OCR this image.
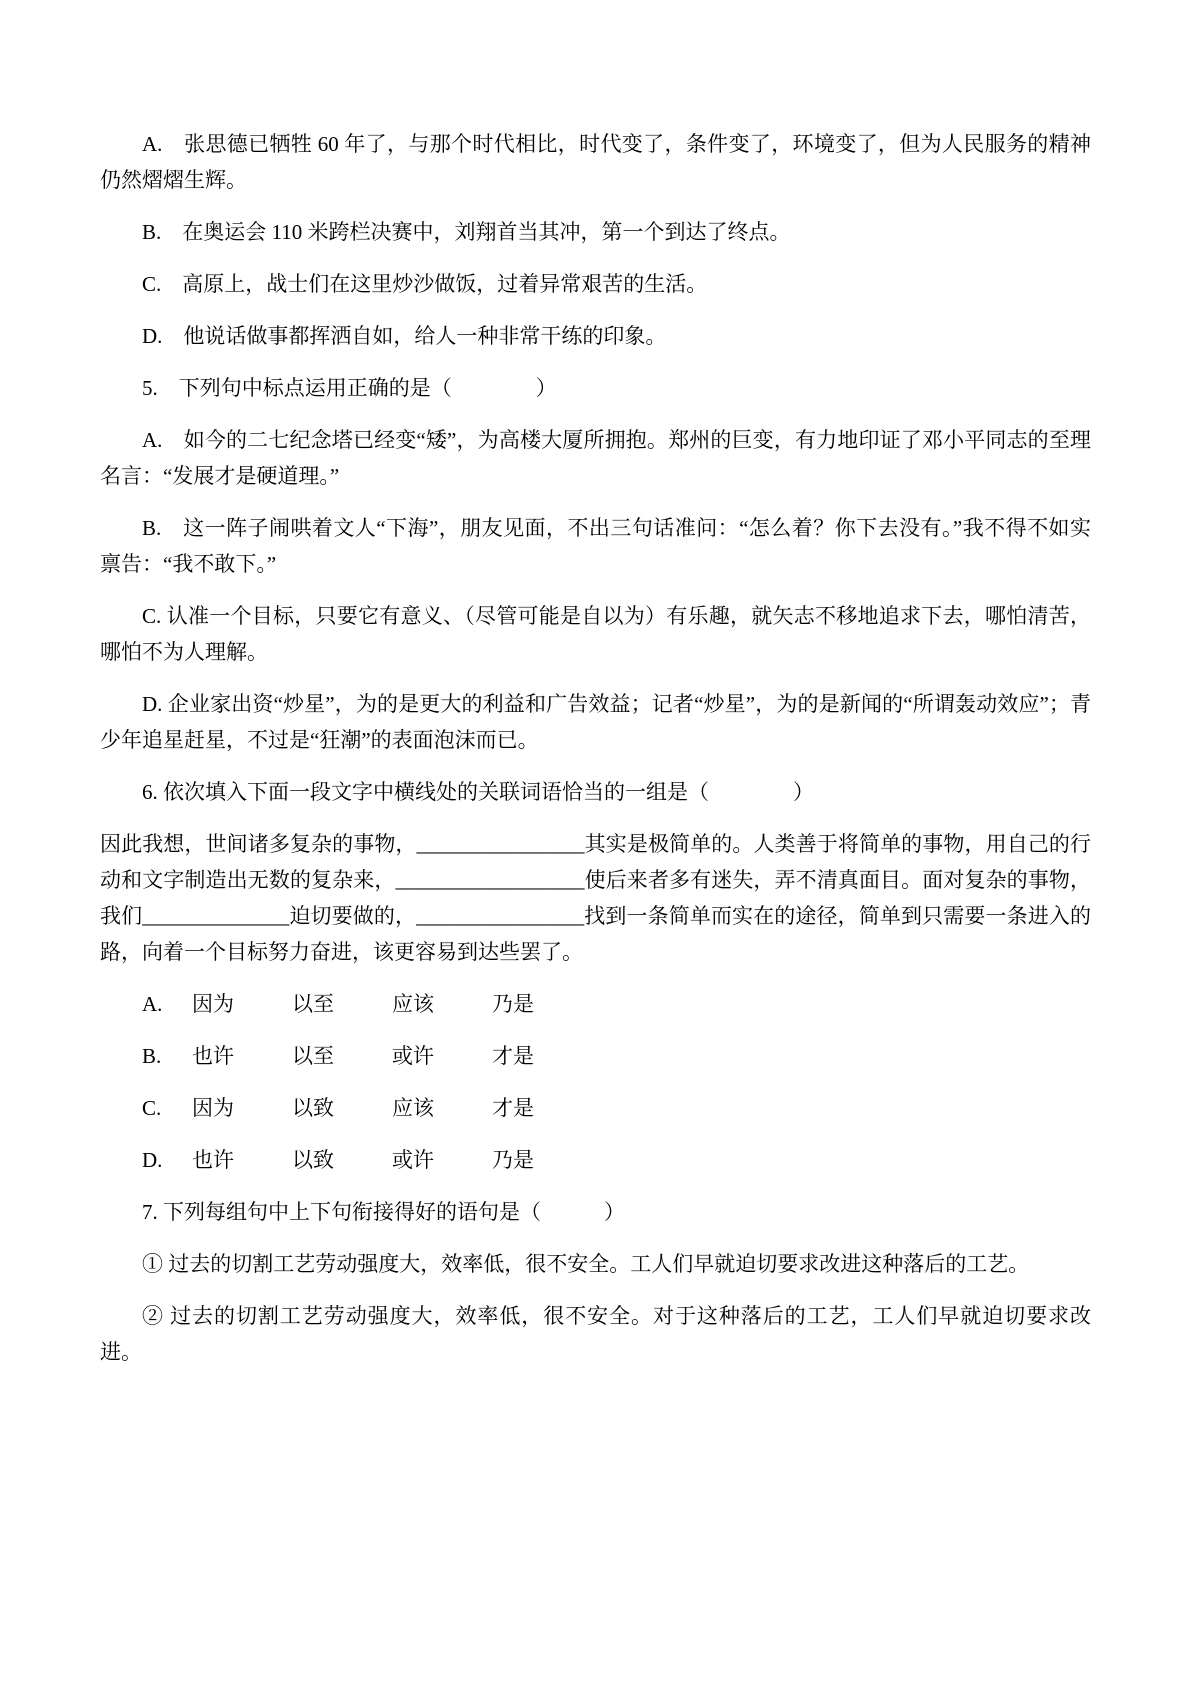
A.　张思德已牺牲 60 年了，与那个时代相比，时代变了，条件变了，环境变了，但为人民服务的精神仍然熠熠生辉。

B.　在奥运会 110 米跨栏决赛中，刘翔首当其冲，第一个到达了终点。

C.　高原上，战士们在这里炒沙做饭，过着异常艰苦的生活。

D.　他说话做事都挥洒自如，给人一种非常干练的印象。

5.　下列句中标点运用正确的是（　　　　）

A.　如今的二七纪念塔已经变“矮”，为高楼大厦所拥抱。郑州的巨变，有力地印证了邓小平同志的至理名言：“发展才是硬道理。”

B.　这一阵子闹哄着文人“下海”，朋友见面，不出三句话准问：“怎么着？你下去没有。”我不得不如实禀告：“我不敢下。”

C. 认准一个目标，只要它有意义、（尽管可能是自以为）有乐趣，就矢志不移地追求下去，哪怕清苦，哪怕不为人理解。

D. 企业家出资“炒星”，为的是更大的利益和广告效益；记者“炒星”，为的是新闻的“所谓轰动效应”；青少年追星赶星，不过是“狂潮”的表面泡沫而已。

6. 依次填入下面一段文字中横线处的关联词语恰当的一组是（　　　　）

因此我想，世间诸多复杂的事物，________________其实是极简单的。人类善于将简单的事物，用自己的行动和文字制造出无数的复杂来，__________________使后来者多有迷失，弄不清真面目。面对复杂的事物，我们______________迫切要做的，________________找到一条简单而实在的途径，简单到只需要一条进入的路，向着一个目标努力奋进，该更容易到达些罢了。

A.	因为	以至	应该	乃是
B.	也许	以至	或许	才是
C.	因为	以致	应该	才是
D.	也许	以致	或许	乃是

7. 下列每组句中上下句衔接得好的语句是（　　　）

① 过去的切割工艺劳动强度大，效率低，很不安全。工人们早就迫切要求改进这种落后的工艺。

② 过去的切割工艺劳动强度大，效率低，很不安全。对于这种落后的工艺，工人们早就迫切要求改进。
